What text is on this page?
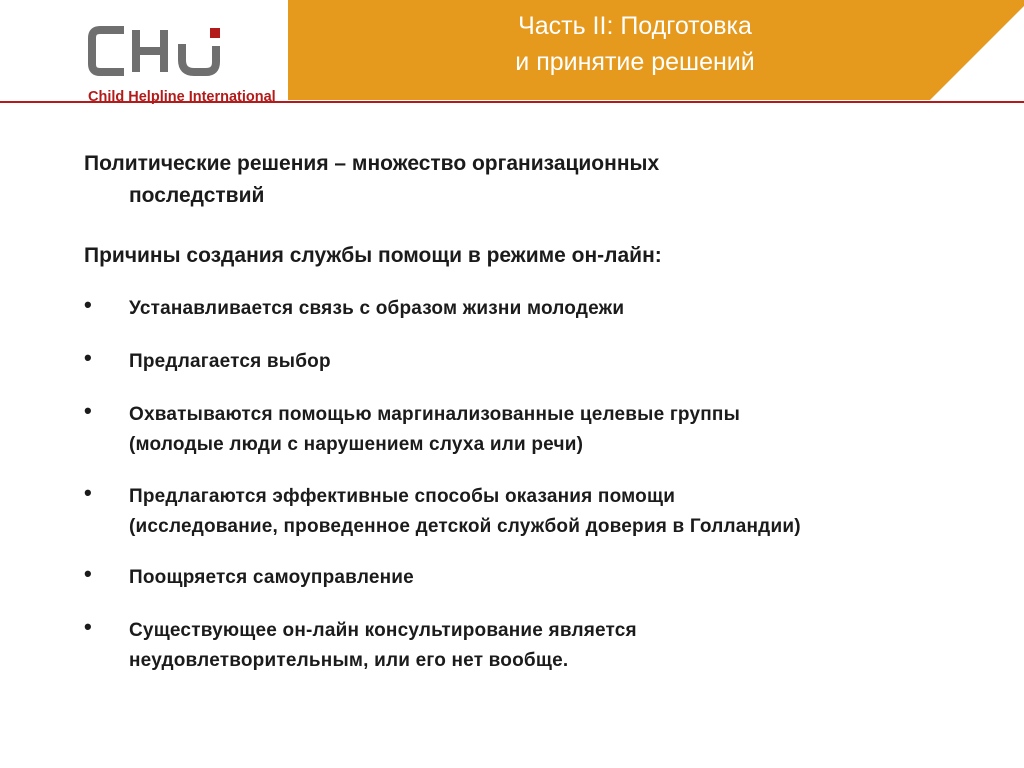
Child Helpline International
Часть II: Подготовка
и принятие решений
Политические решения – множество организационных
последствий
Причины создания службы помощи в режиме он-лайн:
• Устанавливается связь с образом жизни молодежи
• Предлагается выбор
• Охватываются помощью маргинализованные целевые группы
(молодые люди с нарушением слуха или речи)
• Предлагаются эффективные способы оказания помощи
(исследование, проведенное детской службой доверия в Голландии)
• Поощряется самоуправление
• Существующее он-лайн консультирование является
неудовлетворительным, или его нет вообще.
